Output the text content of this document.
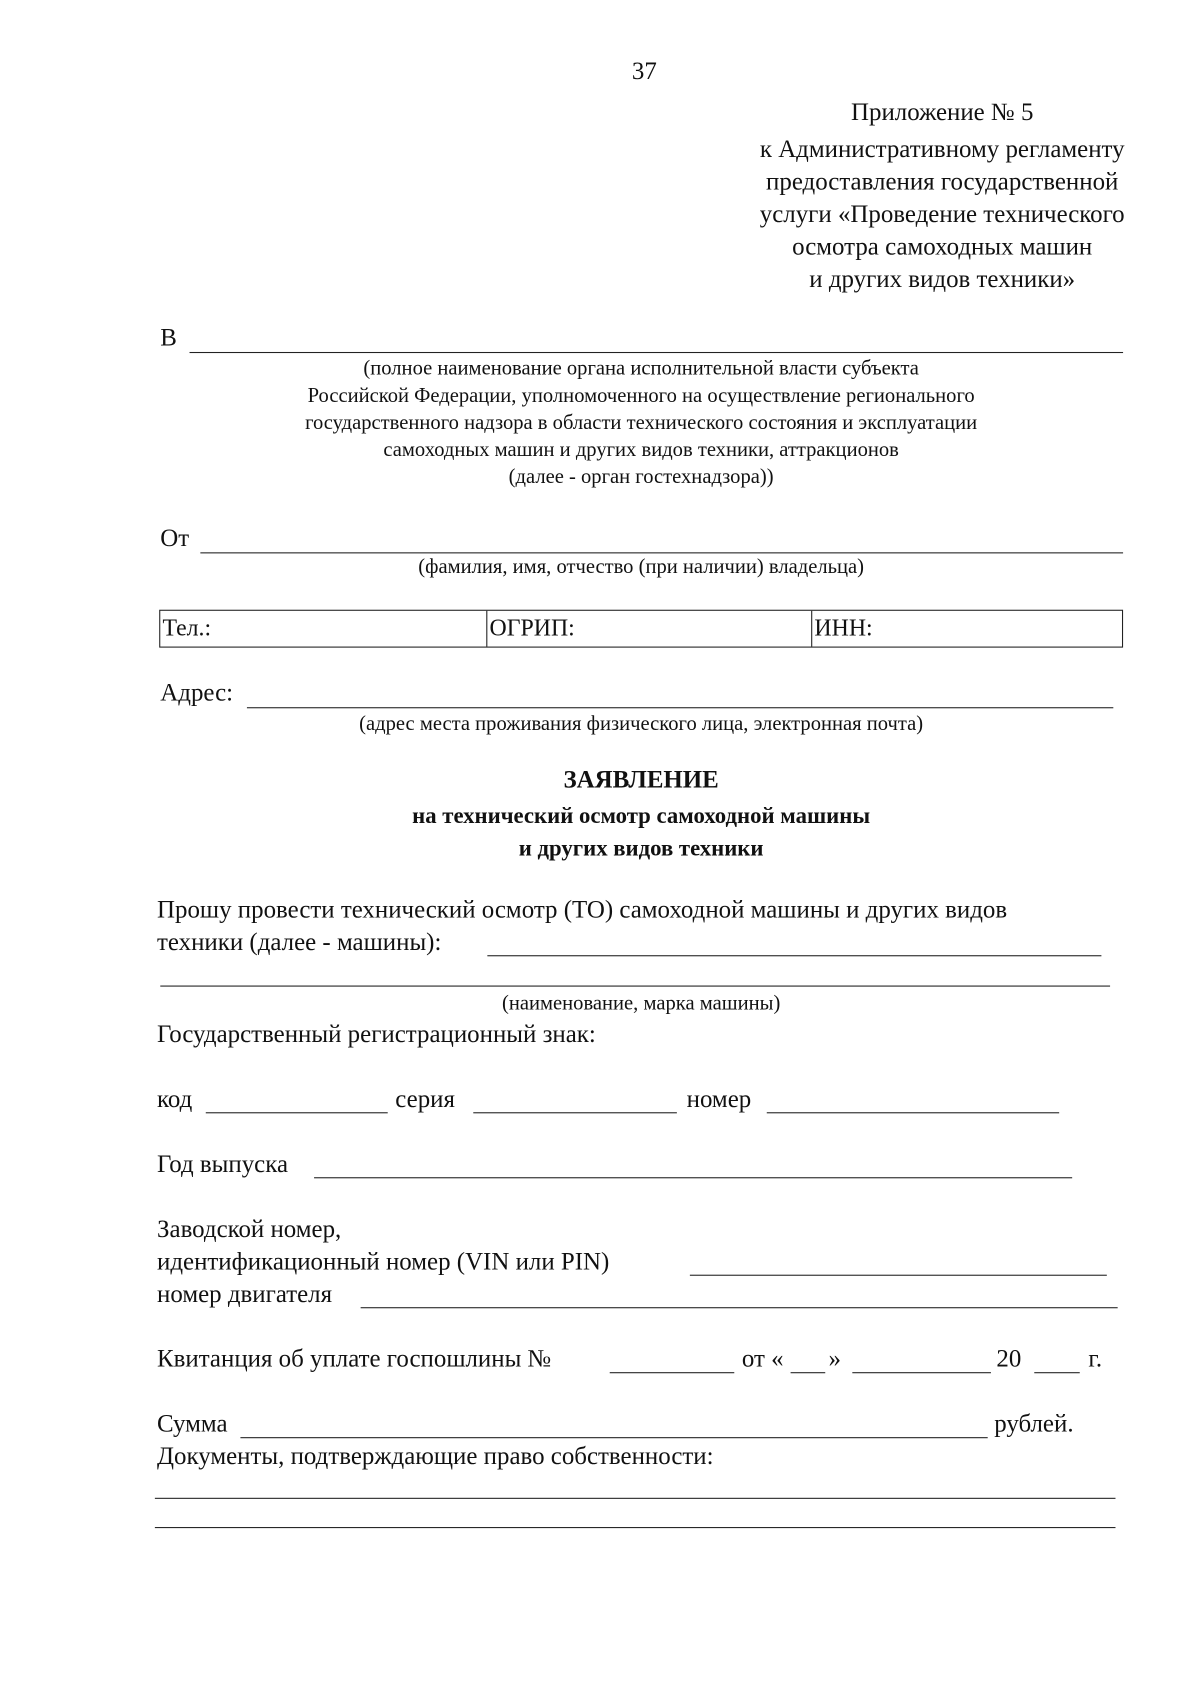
37
Приложение № 5
к Административному регламенту
предоставления государственной
услуги «Проведение технического
осмотра самоходных машин
и других видов техники»
В
(полное наименование органа исполнительной власти субъекта
Российской Федерации, уполномоченного на осуществление регионального
государственного надзора в области технического состояния и эксплуатации
самоходных машин и других видов техники, аттракционов
(далее - орган гостехнадзора))
От
(фамилия, имя, отчество (при наличии) владельца)
Тел.:	ОГРИП:	ИНН:
Адрес:
(адрес места проживания физического лица, электронная почта)
ЗАЯВЛЕНИЕ
на технический осмотр самоходной машины
и других видов техники
Прошу провести технический осмотр (ТО) самоходной машины и других видов
техники (далее - машины):
(наименование, марка машины)
Государственный регистрационный знак:
код	серия	номер
Год выпуска
Заводской номер,
идентификационный номер (VIN или PIN)
номер двигателя
Квитанция об уплате госпошлины №	от « »	20	г.
Сумма	рублей.
Документы, подтверждающие право собственности:
